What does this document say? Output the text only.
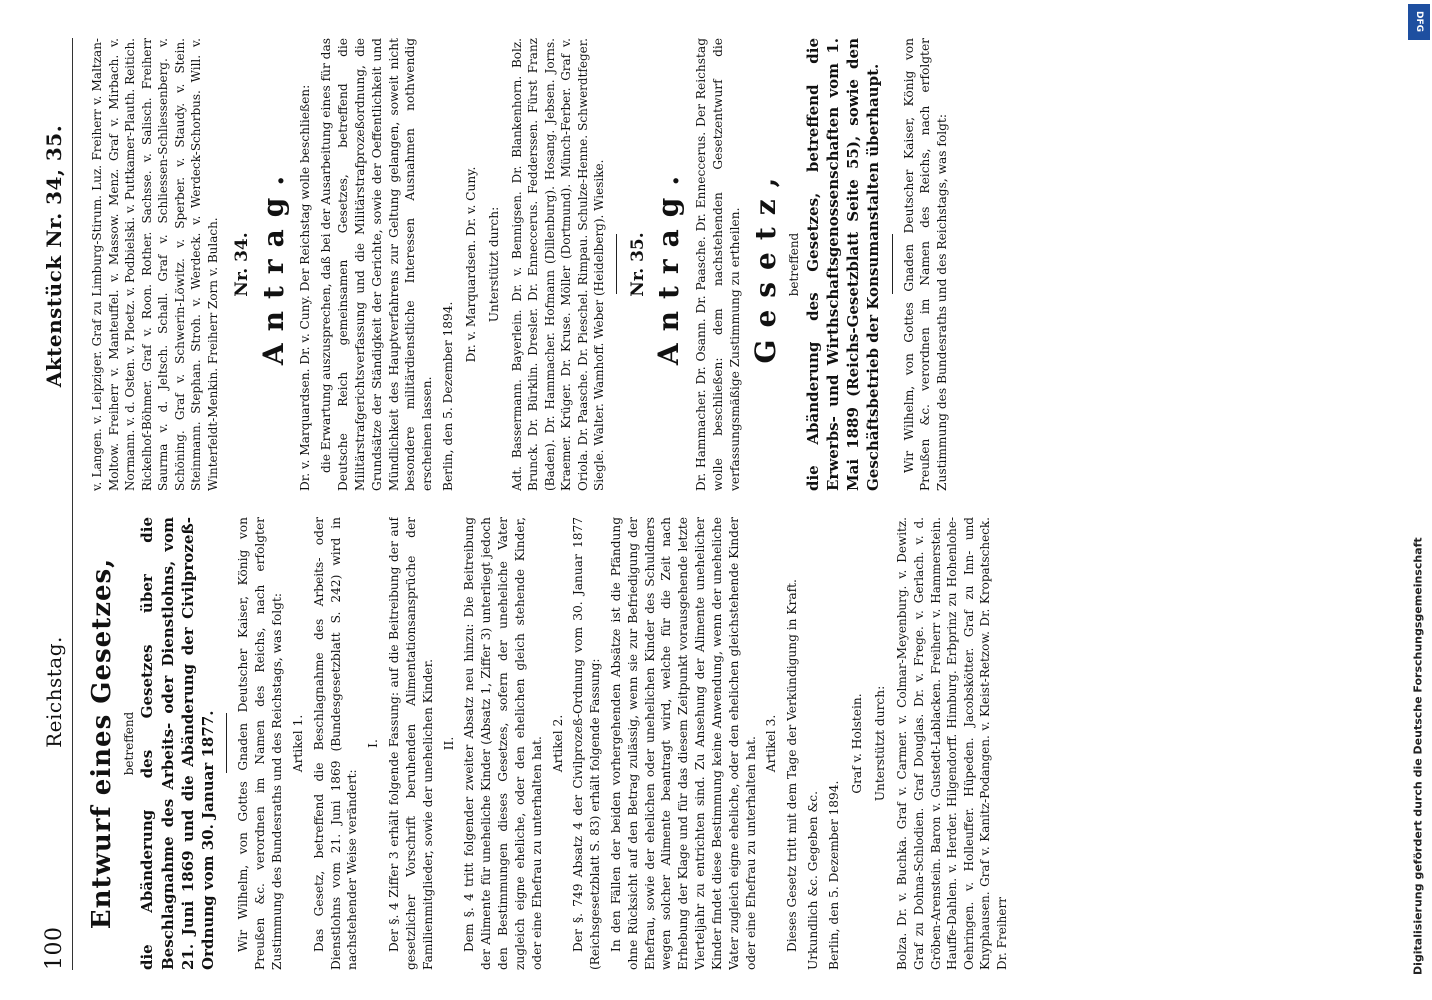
100
Reichstag.
Aktenstück Nr. 34, 35.
Entwurf eines Gesetzes, betreffend die Abänderung des Gesetzes über die Beschlagnahme des Arbeits- oder Dienstlohns, vom 21. Juni 1869 und die Abänderung der Civilprozeß-Ordnung vom 30. Januar 1877. Wir Wilhelm, von Gottes Gnaden Deutscher Kaiser, König von Preußen &c. verordnen im Namen des Reichs, nach erfolgter Zustimmung des Bundesraths und des Reichstags, was folgt: Artikel 1. Das Gesetz, betreffend die Beschlagnahme des Arbeits- oder Dienstlohns vom 21. Juni 1869 (Bundesgesetzblatt S. 242) wird in nachstehender Weise verändert:

I. Der §. 4 Ziffer 3 erhält folgende Fassung: auf die Beitreibung der auf gesetzlicher Vorschrift beruhenden Alimentationsansprüche der Familienmitglieder, sowie der unehelichen Kinder. II. Dem §. 4 tritt folgender zweiter Absatz neu hinzu: Die Beitreibung der Alimente für uneheliche Kinder (Absatz 1, Ziffer 3) unterliegt jedoch den Bestimmungen dieses Gesetzes, sofern der uneheliche Vater zugleich eigne eheliche, oder den ehelichen gleich stehende Kinder, oder eine Ehefrau zu unterhalten hat. Artikel 2. Der §. 749 Absatz 4 der Civilprozeß-Ordnung vom 30. Januar 1877 (Reichsgesetzblatt S. 83) erhält folgende Fassung: In den Fällen der beiden vorhergehenden Absätze ist die Pfändung ohne Rücksicht auf den Betrag zulässig, wenn sie zur Befriedigung der Ehefrau, sowie der ehelichen oder unehelichen Kinder des Schuldners wegen solcher Alimente beantragt wird, welche für die Zeit nach Erhebung der Klage und für das diesem Zeitpunkt vorausgehende letzte Vierteljahr zu entrichten sind. Zu Ansehung der Alimente unehelicher Kinder findet diese Bestimmung keine Anwendung, wenn der uneheliche Vater zugleich eigne eheliche, oder den ehelichen gleichstehende Kinder oder eine Ehefrau zu unterhalten hat. Artikel 3. Dieses Gesetz tritt mit dem Tage der Verkündigung in Kraft. Urkundlich &c. Gegeben &c. Berlin, den 5. Dezember 1894.

Graf v. Holstein. Unterstützt durch: Bolza. Dr. v. Buchka. Graf v. Carmer. v. Colmar-Meyenburg. v. Dewitz. Graf zu Dohna-Schlodien. Graf Douglas. Dr. v. Frege. v. Gerlach. v. d. Gröben-Arenstein. Baron v. Gustedt-Lablacken. Freiherr v. Hammerstein. Hauffe-Dahlen. v. Herder. Hilgendorff. Himburg. Erbprinz zu Hohenlohe-Oehringen. v. Holleuffer. Hüpeden. Jacobskötter. Graf zu Inn- und Knyphausen. Graf v. Kanitz-Podangen. v. Kleist-Retzow. Dr. Kropatscheck. Dr. Freiherr

v. Langen. v. Leipziger. Graf zu Limburg-Stirum. Luz. Freiherr v. Maltzan-Moltow. Freiherr v. Manteuffel. v. Massow. Menz. Graf v. Mirbach. v. Normann. v. d. Osten. v. Ploetz. v. Podbielski. v. Puttkamer-Plauth. Reitich. Rickelhof-Böhmer. Graf v. Roon. Rother. Sachsse. v. Salisch. Freiherr Saurma v. d. Jeltsch. Schall. Graf v. Schliessen-Schliessenberg. v. Schöning. Graf v. Schwerin-Löwitz. v. Sperber. v. Staudy. v. Stein. Steinmann. Stephan. Stroh. v. Werdeck. v. Werdeck-Schorbus. Will. v. Winterfeldt-Menkin. Freiherr Zorn v. Bulach. Nr. 34. Antrag. Dr. v. Marquardsen. Dr. v. Cuny. Der Reichstag wolle beschließen: die Erwartung auszusprechen, daß bei der Ausarbeitung eines für das Deutsche Reich gemeinsamen Gesetzes, betreffend die Militärstrafgerichtsverfassung und die Militärstrafprozeßordnung, die Grundsätze der Ständigkeit der Gerichte, sowie der Oeffentlichkeit und Mündlichkeit des Hauptverfahrens zur Geltung gelangen, soweit nicht besondere militärdienstliche Interessen Ausnahmen nothwendig erscheinen lassen. Berlin, den 5. Dezember 1894.

Dr. v. Marquardsen. Dr. v. Cuny. Unterstützt durch: Adt. Bassermann. Bayerlein. Dr. v. Bennigsen. Dr. Blankenhorn. Bolz. Brunck. Dr. Bürklin. Dresler. Dr. Enneccerus. Fedderssen. Fürst Franz (Baden). Dr. Hammacher. Hofmann (Dillenburg). Hosang. Jebsen. Jorns. Kraemer. Krüger. Dr. Kruse. Möller (Dortmund). Münch-Ferber. Graf v. Oriola. Dr. Paasche. Dr. Pieschel. Rimpau. Schulze-Henne. Schwerdtfeger. Siegle. Walter. Wamhoff. Weber (Heidelberg). Wiesike. Nr. 35. Antrag. Dr. Hammacher. Dr. Osann. Dr. Paasche. Dr. Enneccerus. Der Reichstag wolle beschließen: dem nachstehenden Gesetzentwurf die verfassungsmäßige Zustimmung zu ertheilen. Gesetz, betreffend die Abänderung des Gesetzes, betreffend die Erwerbs- und Wirthschaftsgenossenschaften vom 1. Mai 1889 (Reichs-Gesetzblatt Seite 55), sowie den Geschäftsbetrieb der Konsumanstalten überhaupt. Wir Wilhelm, von Gottes Gnaden Deutscher Kaiser, König von Preußen &c. verordnen im Namen des Reichs, nach erfolgter Zustimmung des Bundesraths und des Reichstags, was folgt:

DFG
Digitalisierung gefördert durch die Deutsche Forschungsgemeinschaft
